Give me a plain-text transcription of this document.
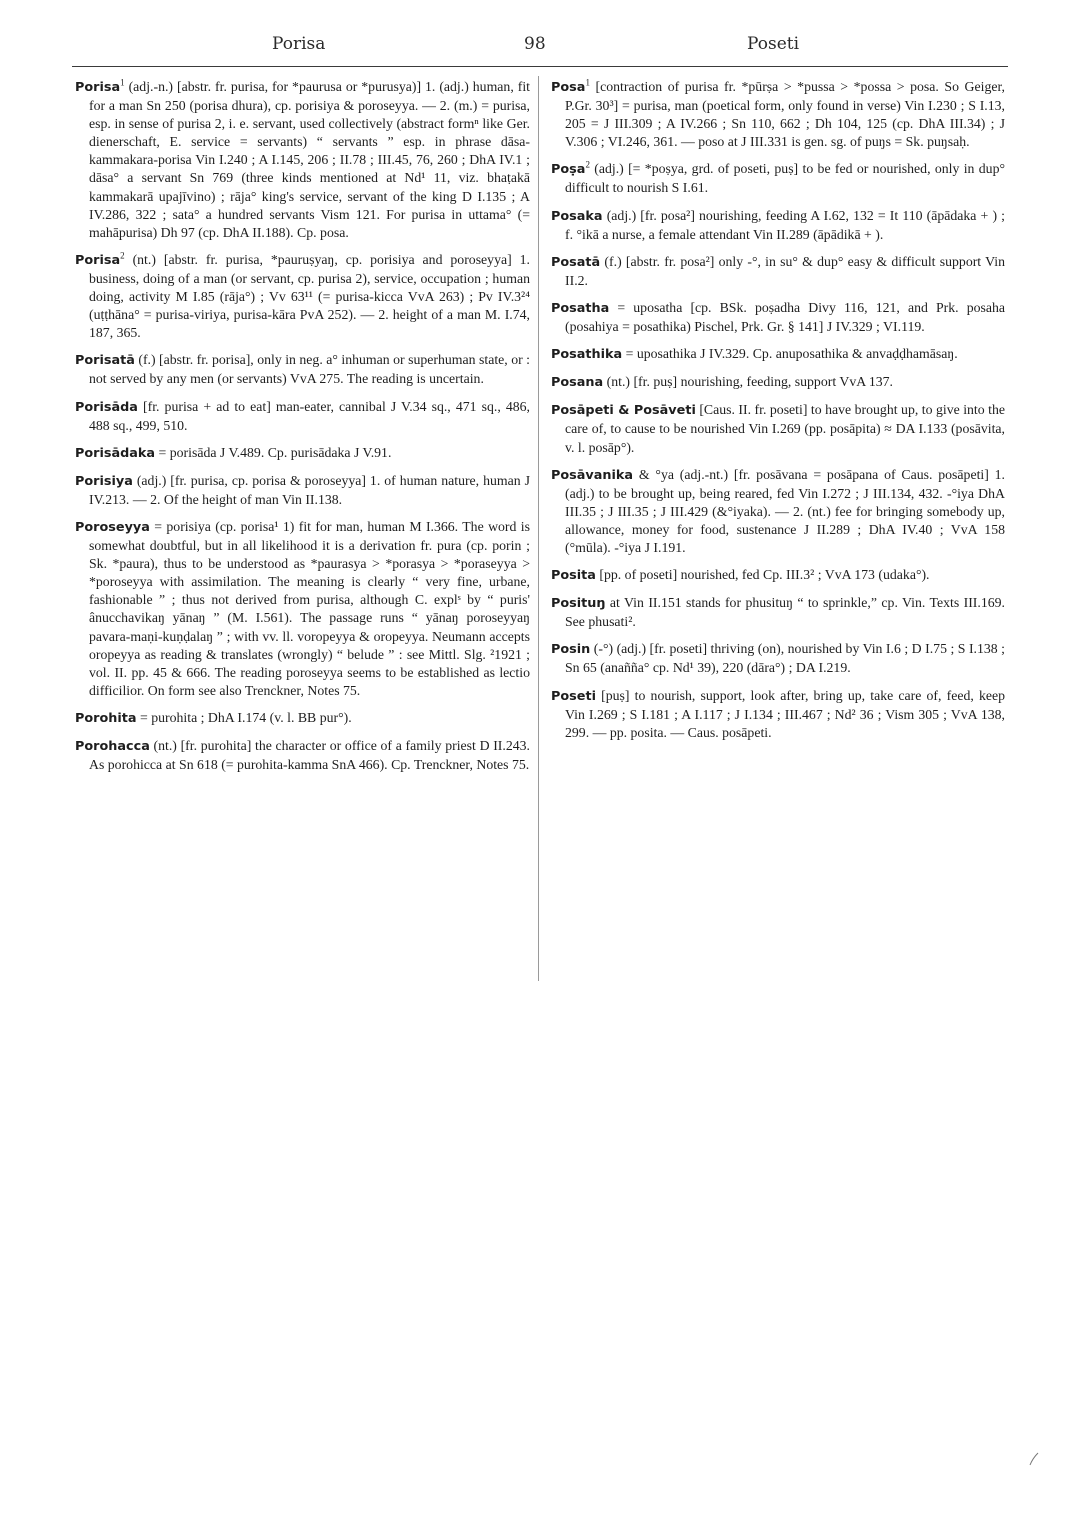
Porisa	98	Poseti

Porisa$^1$ (adj.-n.) [abstr. fr. purisa, for *paurusa or *purusya)] 1. (adj.) human, fit for a man Sn 250 (porisa dhura), cp. porisiya & poroseyya. — 2. (m.) = purisa, esp. in sense of purisa 2, i. e. servant, used collectively (abstract formⁿ like Ger. dienerschaft, E. service = servants) “ servants ” esp. in phrase dāsa-kammakara-porisa Vin I.240 ; A I.145, 206 ; II.78 ; III.45, 76, 260 ; DhA IV.1 ; dāsa° a servant Sn 769 (three kinds mentioned at Nd¹ 11, viz. bhaṭakā kammakarā upajīvino) ; rāja° king's service, servant of the king D I.135 ; A IV.286, 322 ; sata° a hundred servants Vism 121. For purisa in uttama° (= mahāpurisa) Dh 97 (cp. DhA II.188). Cp. posa.

Porisa$^2$ (nt.) [abstr. fr. purisa, *pauruṣyaŋ, cp. porisiya and poroseyya] 1. business, doing of a man (or servant, cp. purisa 2), service, occupation ; human doing, activity M I.85 (rāja°) ; Vv 63¹¹ (= purisa-kicca VvA 263) ; Pv IV.3²⁴ (uṭṭhāna° = purisa-viriya, purisa-kāra PvA 252). — 2. height of a man M. I.74, 187, 365.

Porisatā (f.) [abstr. fr. porisa], only in neg. a° inhuman or superhuman state, or : not served by any men (or servants) VvA 275. The reading is uncertain.

Porisāda [fr. purisa + ad to eat] man-eater, cannibal J V.34 sq., 471 sq., 486, 488 sq., 499, 510.

Porisādaka = porisāda J V.489. Cp. purisādaka J V.91.

Porisiya (adj.) [fr. purisa, cp. porisa & poroseyya] 1. of human nature, human J IV.213. — 2. Of the height of man Vin II.138.

Poroseyya = porisiya (cp. porisa¹ 1) fit for man, human M I.366. The word is somewhat doubtful, but in all likelihood it is a derivation fr. pura (cp. porin ; Sk. *paura), thus to be understood as *paurasya > *porasya > *poraseyya > *poroseyya with assimilation. The meaning is clearly “ very fine, urbane, fashionable ” ; thus not derived from purisa, although C. explˢ by “ puris' ânucchavikaŋ yānaŋ ” (M. I.561). The passage runs “ yānaŋ poroseyyaŋ pavara-maṇi-kuṇḍalaŋ ” ; with vv. ll. voropeyya & oropeyya. Neumann accepts oropeyya as reading & translates (wrongly) “ belude ” : see Mittl. Slg. ²1921 ; vol. II. pp. 45 & 666. The reading poroseyya seems to be established as lectio difficilior. On form see also Trenckner, Notes 75.

Porohita = purohita ; DhA I.174 (v. l. BB pur°).

Porohacca (nt.) [fr. purohita] the character or office of a family priest D II.243. As porohicca at Sn 618 (= purohita-kamma SnA 466). Cp. Trenckner, Notes 75.

Posa$^1$ [contraction of purisa fr. *pūrṣa > *pussa > *possa > posa. So Geiger, P.Gr. 30³] = purisa, man (poetical form, only found in verse) Vin I.230 ; S I.13, 205 = J III.309 ; A IV.266 ; Sn 110, 662 ; Dh 104, 125 (cp. DhA III.34) ; J V.306 ; VI.246, 361. — poso at J III.331 is gen. sg. of puŋs = Sk. puŋsaḥ.

Poṣa$^2$ (adj.) [= *poṣya, grd. of poseti, puṣ] to be fed or nourished, only in dup° difficult to nourish S I.61.

Posaka (adj.) [fr. posa²] nourishing, feeding A I.62, 132 = It 110 (āpādaka + ) ; f. °ikā a nurse, a female attendant Vin II.289 (āpādikā + ).

Posatā (f.) [abstr. fr. posa²] only -°, in su° & dup° easy & difficult support Vin II.2.

Posatha = uposatha [cp. BSk. poṣadha Divy 116, 121, and Prk. posaha (posahiya = posathika) Pischel, Prk. Gr. § 141] J IV.329 ; VI.119.

Posathika = uposathika J IV.329. Cp. anuposathika & anvaḍḍhamāsaŋ.

Posana (nt.) [fr. puṣ] nourishing, feeding, support VvA 137.

Posāpeti & Posāveti [Caus. II. fr. poseti] to have brought up, to give into the care of, to cause to be nourished Vin I.269 (pp. posāpita) ≈ DA I.133 (posāvita, v. l. posāp°).

Posāvanika & °ya (adj.-nt.) [fr. posāvana = posāpana of Caus. posāpeti] 1. (adj.) to be brought up, being reared, fed Vin I.272 ; J III.134, 432. -°iya DhA III.35 ; J III.35 ; J III.429 (&°iyaka). — 2. (nt.) fee for bringing somebody up, allowance, money for food, sustenance J II.289 ; DhA IV.40 ; VvA 158 (°mūla). -°iya J I.191.

Posita [pp. of poseti] nourished, fed Cp. III.3² ; VvA 173 (udaka°).

Posituŋ at Vin II.151 stands for phusituŋ “ to sprinkle,” cp. Vin. Texts III.169. See phusati².

Posin (-°) (adj.) [fr. poseti] thriving (on), nourished by Vin I.6 ; D I.75 ; S I.138 ; Sn 65 (anañña° cp. Nd¹ 39), 220 (dāra°) ; DA I.219.

Poseti [puṣ] to nourish, support, look after, bring up, take care of, feed, keep Vin I.269 ; S I.181 ; A I.117 ; J I.134 ; III.467 ; Nd² 36 ; Vism 305 ; VvA 138, 299. — pp. posita. — Caus. posāpeti.
